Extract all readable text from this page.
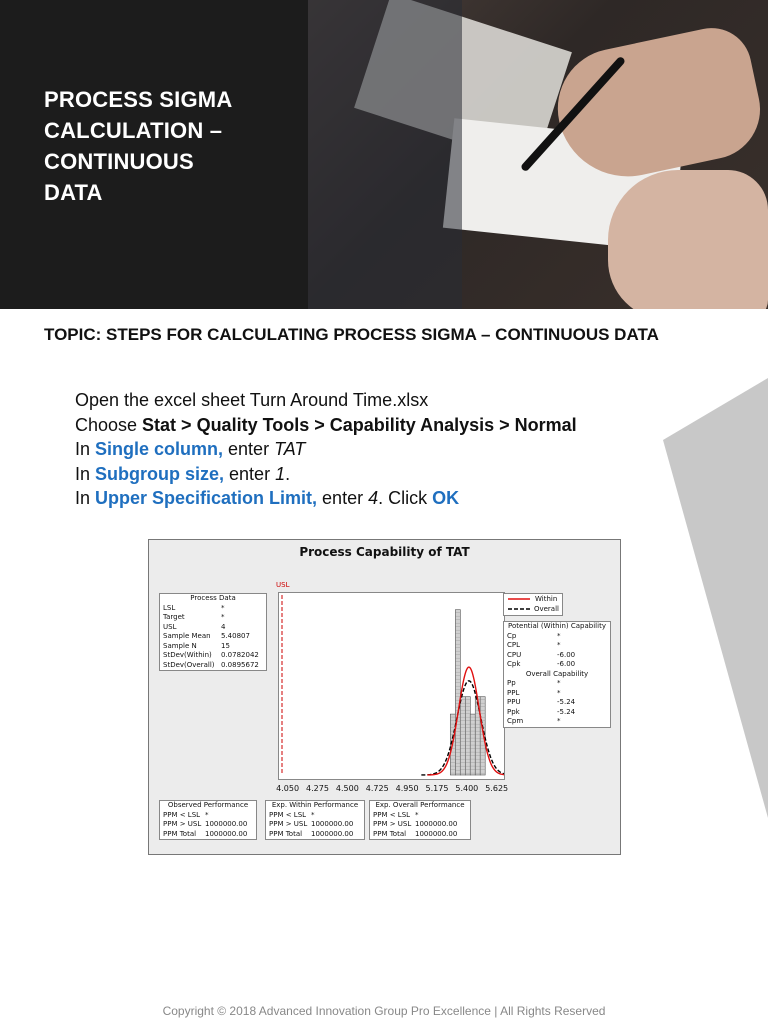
PROCESS SIGMA
CALCULATION –
CONTINUOUS
DATA
TOPIC: STEPS FOR CALCULATING PROCESS SIGMA – CONTINUOUS DATA
Open the excel sheet Turn Around Time.xlsx
Choose Stat > Quality Tools > Capability Analysis > Normal
In Single column, enter TAT
In Subgroup size, enter 1.
In Upper Specification Limit, enter 4. Click OK
Process Capability of TAT
Process Data
LSL	*
Target	*
USL	4
Sample Mean	5.40807
Sample N	15
StDev(Within)	0.0782042
StDev(Overall) 0.0895672
USL
4.050 4.275 4.500 4.725 4.950 5.175 5.400 5.625
Within
Overall
Potential (Within) Capability
Cp	*
CPL	*
CPU	-6.00
Cpk	-6.00
Overall Capability
Pp	*
PPL	*
PPU	-5.24
Ppk	-5.24
Cpm	*
Observed Performance
PPM < LSL *
PPM > USL 1000000.00
PPM Total	1000000.00
Exp. Within Performance
PPM < LSL *
PPM > USL 1000000.00
PPM Total	1000000.00
Exp. Overall Performance
PPM < LSL *
PPM > USL 1000000.00
PPM Total	1000000.00
Copyright © 2018 Advanced Innovation Group Pro Excellence | All Rights Reserved
